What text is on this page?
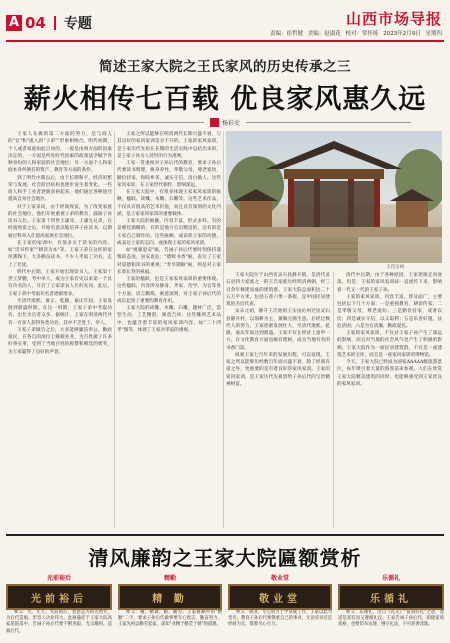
A 04 专题	山西市场导报
责编：崔哲健 美编：赵淑花 校对：常怀练 2023年2月9日 星期四
简述王家大院之王氏家风的历史传承之三
薪火相传七百载 优良家风惠久远
杨彩史

王家人在做的第二方面的努力，是与商人的"官"和"流入的"子弟""形象相吻合。明代初期，个人或者家庭如此自居的，一般是由两方面的因素决定的，一方面是所处时代因素的政策法令赋予各种身份的人和家庭的社会地位；另一方面个人和家庭本身所拥有的资产、教育等方面的条件。

到了明代中期以后，由于长期和平，经济的繁荣与发展，社会阶层结构也逐步发生着变化。一些商人和手工业者逐渐富裕起来，他们通过各种途径提高自身社会地位。

对于王家来说，由于经商致富，为了改变家族的社会地位，他们开始重视子弟的教育，鼓励子孙读书入仕。王家第十四世王谦受、王谦光兄弟，在经商致富之后，开始有意识地培养子孙读书，以期通过科举入仕提高家族社会地位。

在王家的家训中，有很多关于读书的内容。如"诗书传家""耕读为本"等。王家子弟在这样的家风熏陶下，大多勤奋读书，不少人考取了功名，走上了仕途。

明代中后期，王家开始出现读书人。王家第十世王梦鹏，考中举人，成为王家有史以来第一个具有功名的人，开启了王家读书入仕的先河。此后，王家子弟中考取功名者逐渐增多。

至清代康熙、雍正、乾隆、嘉庆年间，王家发展到鼎盛时期。在这一时期，王家子弟中考取功名、出仕为官者众多。据统计，王家在明清两代共有一百多人获得各类功名，其中不乏进士、举人。

王家子弟做官之后，大多能够廉洁奉公，勤政爱民，在各自的岗位上兢兢业业，为百姓做了许多好事实事，受到了当地百姓的称赞和朝廷的褒奖，为王家赢得了良好的声誉。

王家之所以能够在明清两代长期兴盛不衰，与其良好的家风家训是分不开的。王家的家风家训，是王家历代先祖在长期的生活实践中总结出来的，是王家子孙为人处世的行为准则。

王家一贯重视对子孙后代的教育，要求子孙后代要读书明理，修身养性，孝敬父母，尊老爱幼，勤俭持家，和睦乡邻，诚实守信，清白做人。这些家风家训，在王家世代相传，影响深远。

在王家大院中，有很多体现王家家风家训的匾额、楹联、砖雕、木雕、石雕等。这些艺术作品，不仅具有很高的艺术价值，而且具有深刻的文化内涵，是王家家风家训的重要载体。

王家大院的匾额，内容丰富，形式多样。有的是朝廷颁赐的，有的是地方官员赠送的，还有的是王家自己制作的。这些匾额，或表彰王家的功德，或表达王家的志向，或体现王家的家风家训。

如"视履思安"匾，告诫子孙后代要时刻保持谨慎的态度，居安思危；"德辉书香"匾，表达了王家对道德和读书的重视；"寿享期颐"匾，则是对王家长辈长寿的祝福。

王家的楹联，也是王家家风家训的重要体现。这些楹联，内容涉及修身、齐家、治学、为官等各个方面，语言精炼，寓意深刻，对王家子孙后代的成长起到了重要的教育作用。

王家大院的砖雕、木雕、石雕，题材广泛，造型生动，工艺精湛，寓意吉祥。这些雕刻艺术品中，也蕴含着丰富的家风家训内容，如"二十四孝"图等，体现了王家对孝道的重视。

王氏宗祠

王家大院位于山西省灵石县静升镇，是清代灵石县四大家族之一的王氏家族历经明清两朝，经三百余年修建而成的建筑群。王家大院总面积达二十五万平方米，包括五巷六堡一条街，是中国民居建筑的杰出代表。

宋末元初，静升王氏始祖王实由沁州迁居灵石县静升村，以佃耕为主，兼做豆腐生意。后经过数代人的努力，王家逐渐发展壮大，至清代康熙、乾隆、嘉庆年间达到鼎盛。王家不仅在经济上富甲一方，在文化教育方面也颇有建树，成为当地有名的书香门第。

纵观王家七百年来的发展历程，可以发现，王家之所以能够历经数百年而兴盛不衰，除了经商有道之外，更重要的是有着良好的家风家训。王家的家风家训，是王家历代先祖留给子孙后代的宝贵精神财富。

清代中后期，由于各种原因，王家逐渐走向衰落。但是，王家的家风家训却一直流传下来，影响着一代又一代的王家子孙。

王家的家风家训，内容丰富，涉及面广，主要包括以下几个方面：一是重视教育，耕读传家；二是孝敬父母，尊老爱幼；三是勤俭持家，戒奢以俭；四是诚实守信，以义取利；五是乐善好施，扶危济困；六是为官清廉，勤政爱民。

王家的家风家训，不仅对王家子孙产生了深远的影响，而且对当地的社会风气也产生了积极的影响。王家大院作为一座民居建筑群，不仅是一座建筑艺术的宝库，而且是一座家风家训的博物馆。

今天，王家大院已经成为国家AAAAA级旅游景区，每年吸引着大量的游客前来参观。人们在欣赏王家大院精美建筑的同时，也能够感受到王家优良的家风家训。

清风廉韵之王家大院匾额赏析
光前裕后
光前裕后

释义：光，光大。光前裕后，意思是为祖先增光，为后代造福。形容人功业伟大。此匾悬挂于王家大院高家崖院落中，告诫子孙后代要不断进取，光宗耀祖，造福后代。

精勤
精 勤

释义：精，精诚；勤，勤劳。王家匾额中的"精勤"二字，要求子孙后代做事要专心致志、勤奋努力。王家先祖以勤劳起家，深知"业精于勤荒于嬉"的道理。

敬业堂
敬业堂

释义：敬业，专心致力于学业或工作。王家以此为堂名，教育子孙后代要敬重自己的事业，无论读书还是经商为官，都要尽心尽力。

乐循礼
乐循礼

释义：乐循礼，出自《礼记》"富而好礼"之意，意思是富有而又遵循礼仪。王家告诫子孙后代，即使家境富裕，也要知书达理，遵守礼法，不可骄奢淫逸。
